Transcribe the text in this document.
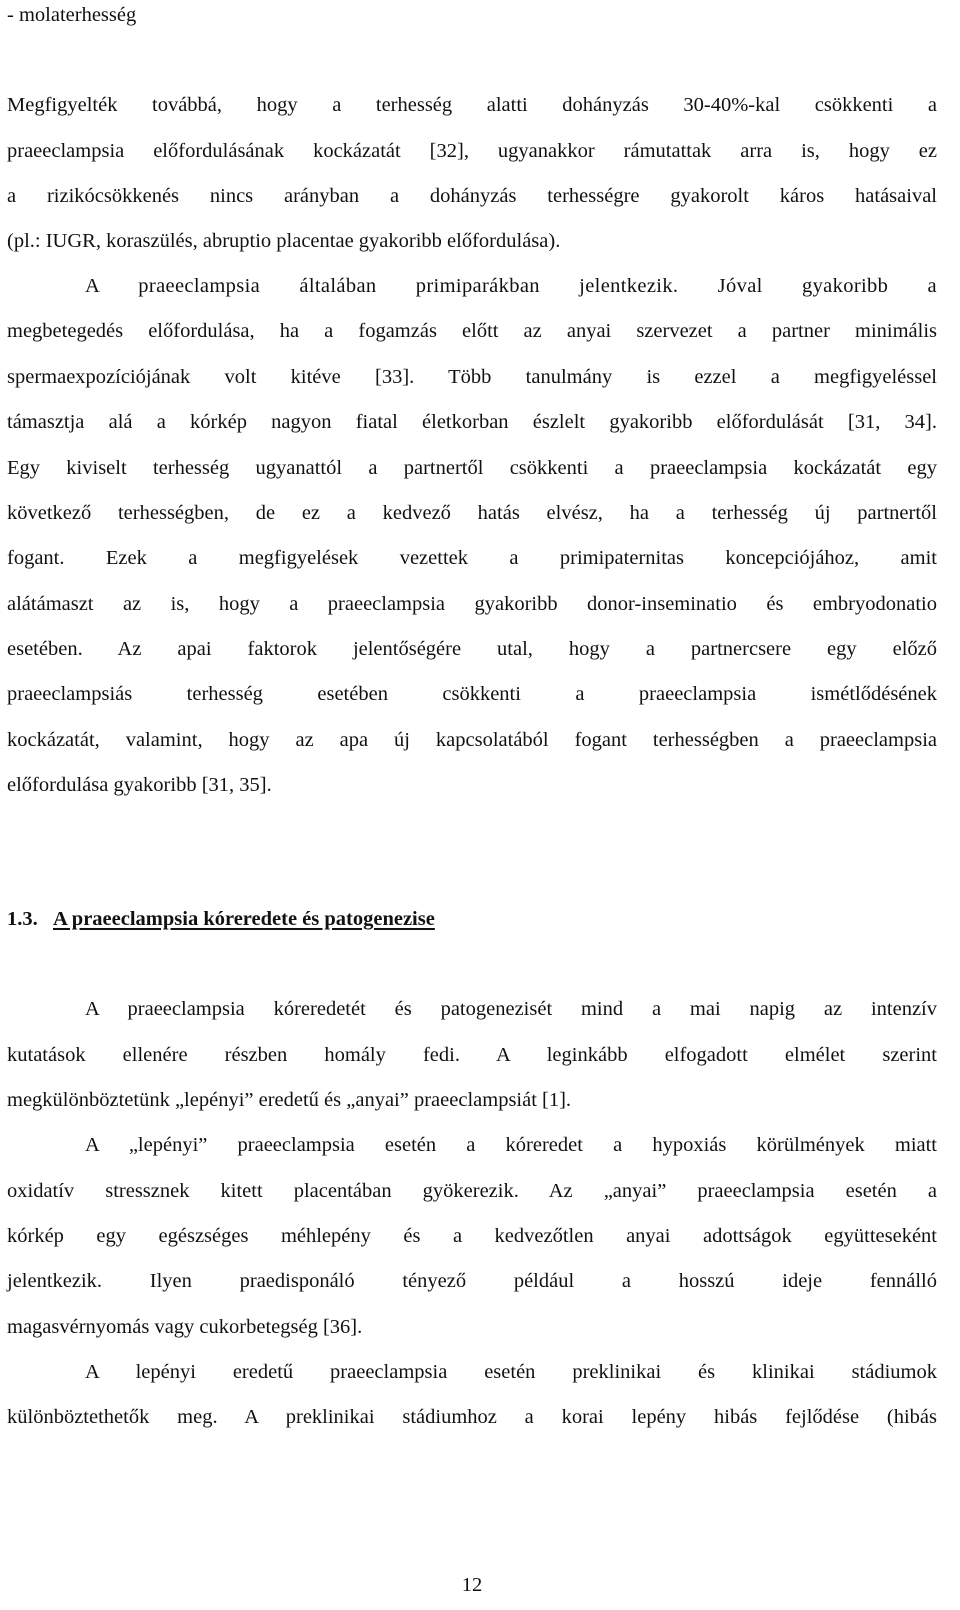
- molaterhesség
Megfigyelték továbbá, hogy a terhesség alatti dohányzás 30-40%-kal csökkenti a
praeeclampsia előfordulásának kockázatát [32], ugyanakkor rámutattak arra is, hogy ez
a rizikócsökkenés nincs arányban a dohányzás terhességre gyakorolt káros hatásaival
(pl.: IUGR, koraszülés, abruptio placentae gyakoribb előfordulása).
A praeeclampsia általában primiparákban jelentkezik. Jóval gyakoribb a
megbetegedés előfordulása, ha a fogamzás előtt az anyai szervezet a partner minimális
spermaexpozíciójának volt kitéve [33]. Több tanulmány is ezzel a megfigyeléssel
támasztja alá a kórkép nagyon fiatal életkorban észlelt gyakoribb előfordulását [31, 34].
Egy kiviselt terhesség ugyanattól a partnertől csökkenti a praeeclampsia kockázatát egy
következő terhességben, de ez a kedvező hatás elvész, ha a terhesség új partnertől
fogant. Ezek a megfigyelések vezettek a primipaternitas koncepciójához, amit
alátámaszt az is, hogy a praeeclampsia gyakoribb donor-inseminatio és embryodonatio
esetében. Az apai faktorok jelentőségére utal, hogy a partnercsere egy előző
praeeclampsiás terhesség esetében csökkenti a praeeclampsia ismétlődésének
kockázatát, valamint, hogy az apa új kapcsolatából fogant terhességben a praeeclampsia
előfordulása gyakoribb [31, 35].
1.3. A praeeclampsia kóreredete és patogenezise
A praeeclampsia kóreredetét és patogenezisét mind a mai napig az intenzív
kutatások ellenére részben homály fedi. A leginkább elfogadott elmélet szerint
megkülönböztetünk „lepényi” eredetű és „anyai” praeeclampsiát [1].
A „lepényi” praeeclampsia esetén a kóreredet a hypoxiás körülmények miatt
oxidatív stressznek kitett placentában gyökerezik. Az „anyai” praeeclampsia esetén a
kórkép egy egészséges méhlepény és a kedvezőtlen anyai adottságok együtteseként
jelentkezik. Ilyen praedisponáló tényező például a hosszú ideje fennálló
magasvérnyomás vagy cukorbetegség [36].
A lepényi eredetű praeeclampsia esetén preklinikai és klinikai stádiumok
különböztethetők meg. A preklinikai stádiumhoz a korai lepény hibás fejlődése (hibás
12
